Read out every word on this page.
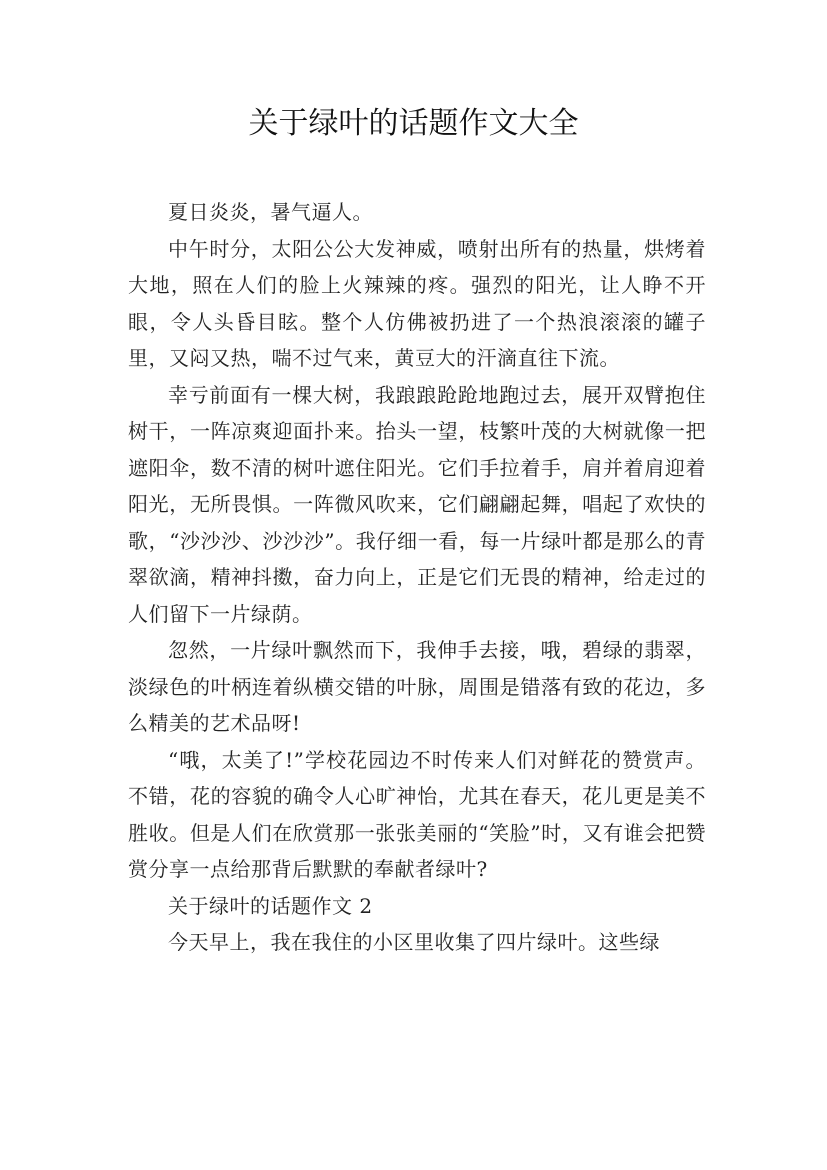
关于绿叶的话题作文大全

夏日炎炎，暑气逼人。

中午时分，太阳公公大发神威，喷射出所有的热量，烘烤着大地，照在人们的脸上火辣辣的疼。强烈的阳光，让人睁不开眼，令人头昏目眩。整个人仿佛被扔进了一个热浪滚滚的罐子里，又闷又热，喘不过气来，黄豆大的汗滴直往下流。

幸亏前面有一棵大树，我踉踉跄跄地跑过去，展开双臂抱住树干，一阵凉爽迎面扑来。抬头一望，枝繁叶茂的大树就像一把遮阳伞，数不清的树叶遮住阳光。它们手拉着手，肩并着肩迎着阳光，无所畏惧。一阵微风吹来，它们翩翩起舞，唱起了欢快的歌，“沙沙沙、沙沙沙”。我仔细一看，每一片绿叶都是那么的青翠欲滴，精神抖擞，奋力向上，正是它们无畏的精神，给走过的人们留下一片绿荫。

忽然，一片绿叶飘然而下，我伸手去接，哦，碧绿的翡翠，淡绿色的叶柄连着纵横交错的叶脉，周围是错落有致的花边，多么精美的艺术品呀!

“哦，太美了!”学校花园边不时传来人们对鲜花的赞赏声。不错，花的容貌的确令人心旷神怡，尤其在春天，花儿更是美不胜收。但是人们在欣赏那一张张美丽的“笑脸”时，又有谁会把赞赏分享一点给那背后默默的奉献者绿叶?

关于绿叶的话题作文 2

今天早上，我在我住的小区里收集了四片绿叶。这些绿
